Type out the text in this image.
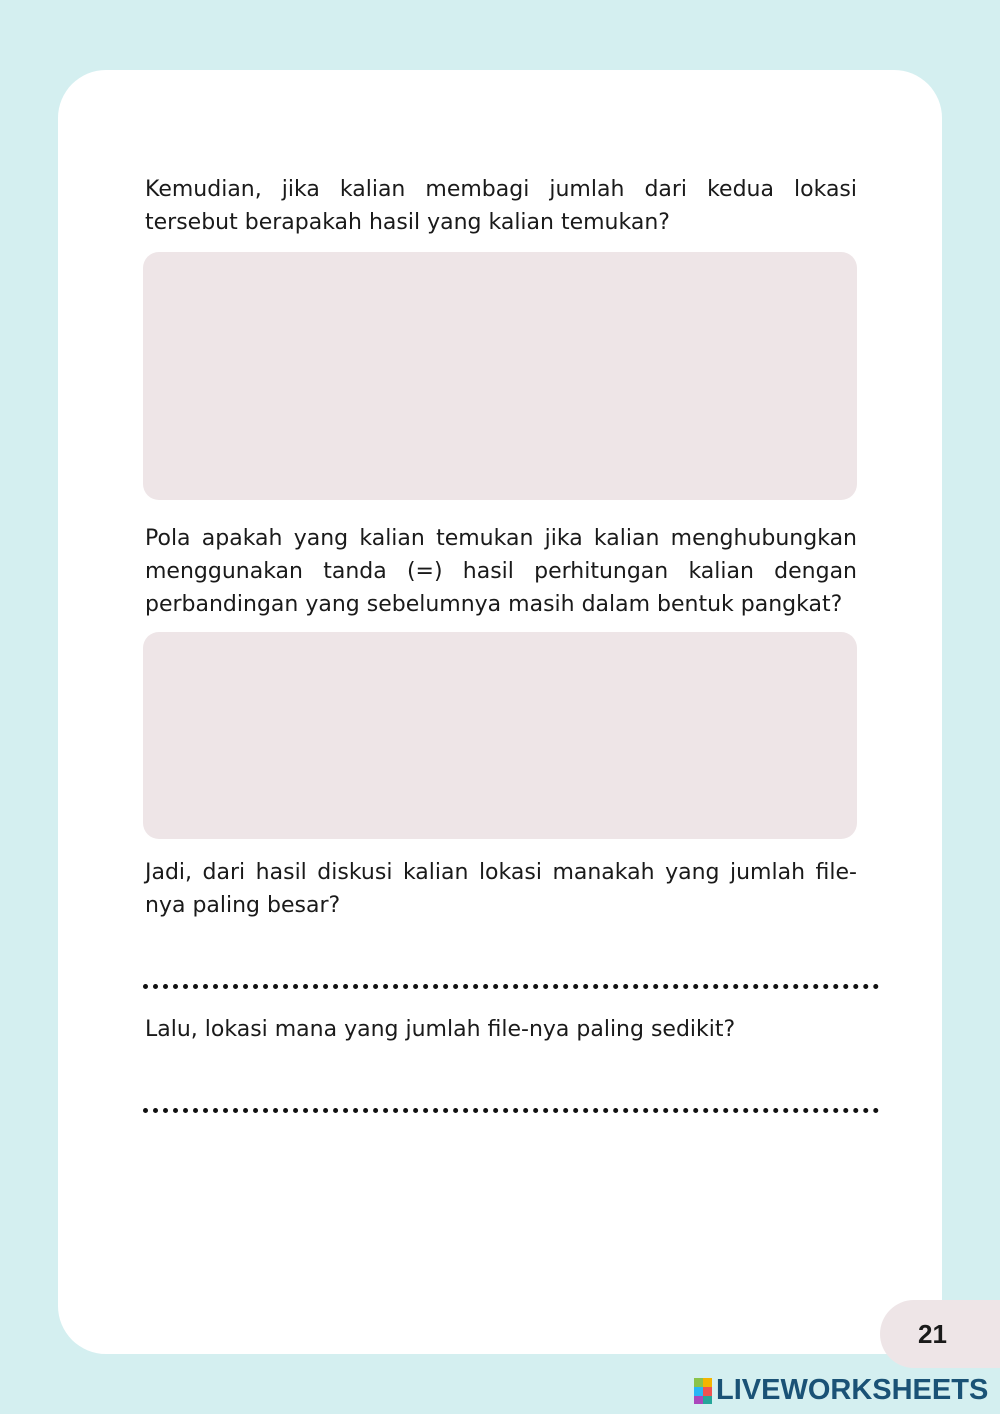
Kemudian, jika kalian membagi jumlah dari kedua lokasi tersebut berapakah hasil yang kalian temukan?

Pola apakah yang kalian temukan jika kalian menghubungkan menggunakan tanda (=) hasil perhitungan kalian dengan perbandingan yang sebelumnya masih dalam bentuk pangkat?

Jadi, dari hasil diskusi kalian lokasi manakah yang jumlah file-nya paling besar?

Lalu, lokasi mana yang jumlah file-nya paling sedikit?

21
LIVEWORKSHEETS
